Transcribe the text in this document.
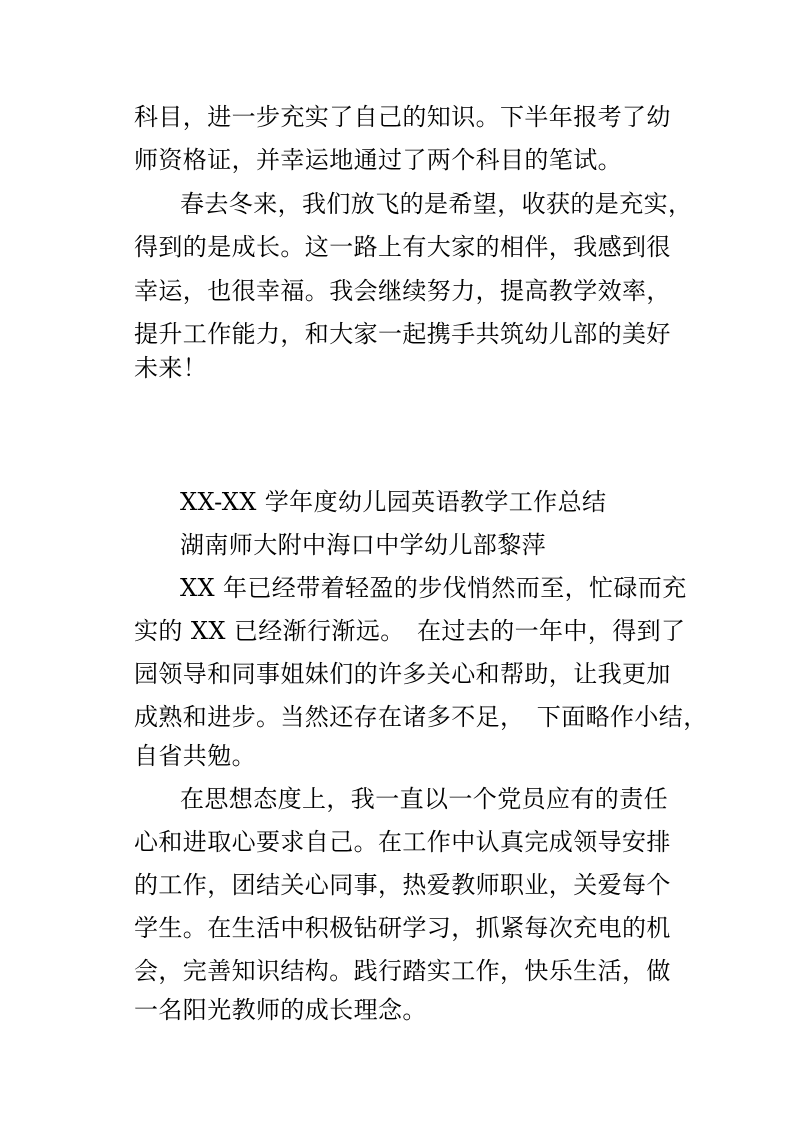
科目，进一步充实了自己的知识。下半年报考了幼
师资格证，并幸运地通过了两个科目的笔试。
春去冬来，我们放飞的是希望，收获的是充实，
得到的是成长。这一路上有大家的相伴，我感到很
幸运，也很幸福。我会继续努力，提高教学效率，
提升工作能力，和大家一起携手共筑幼儿部的美好
未来！
XX-XX 学年度幼儿园英语教学工作总结
湖南师大附中海口中学幼儿部黎萍
XX 年已经带着轻盈的步伐悄然而至，忙碌而充
实的 XX 已经渐行渐远。　在过去的一年中，得到了
园领导和同事姐妹们的许多关心和帮助，让我更加
成熟和进步。当然还存在诸多不足，　下面略作小结，
自省共勉。
在思想态度上，我一直以一个党员应有的责任
心和进取心要求自己。在工作中认真完成领导安排
的工作，团结关心同事，热爱教师职业，关爱每个
学生。在生活中积极钻研学习，抓紧每次充电的机
会，完善知识结构。践行踏实工作，快乐生活，做
一名阳光教师的成长理念。
